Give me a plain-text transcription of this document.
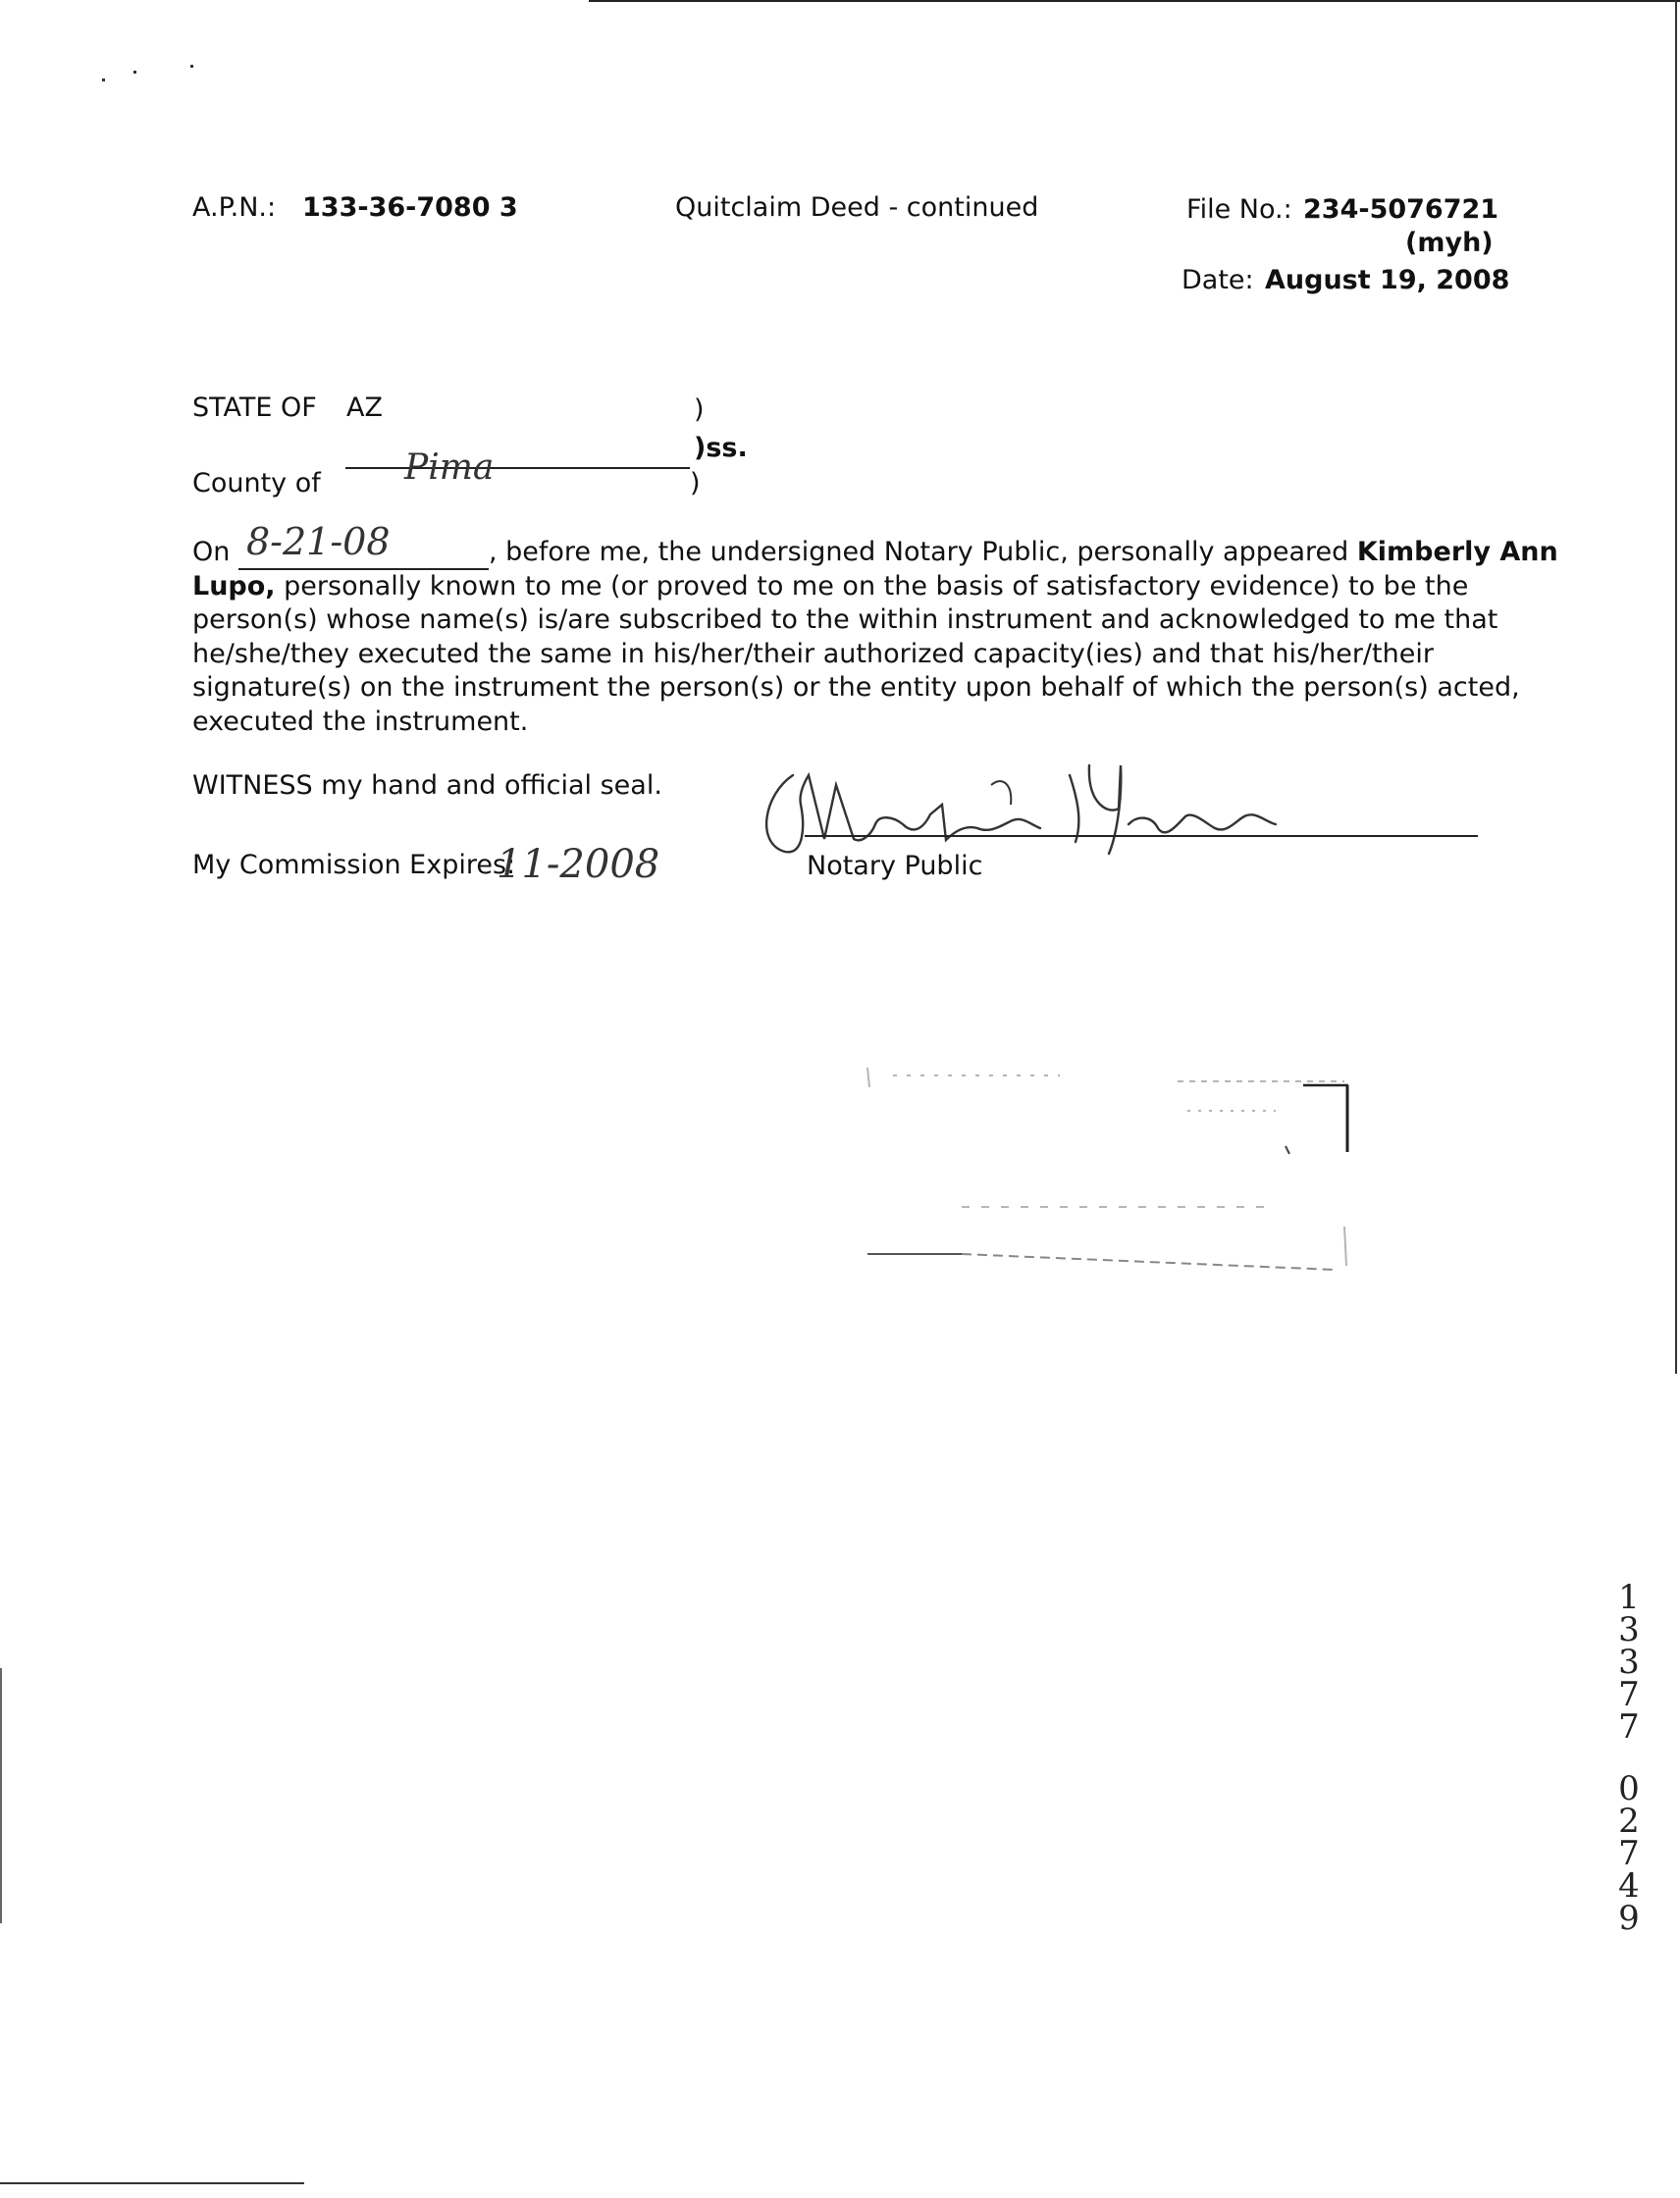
A.P.N.: 133-36-7080 3	Quitclaim Deed - continued	File No.: 234-5076721
(myh)
Date: August 19, 2008
STATE OF AZ	)
)ss.
County of Pima	)

On 8-21-08	, before me, the undersigned Notary Public, personally appeared Kimberly Ann

Lupo, personally known to me (or proved to me on the basis of satisfactory evidence) to be the

person(s) whose name(s) is/are subscribed to the within instrument and acknowledged to me that

he/she/they executed the same in his/her/their authorized capacity(ies) and that his/her/their

signature(s) on the instrument the person(s) or the entity upon behalf of which the person(s) acted,

executed the instrument.

WITNESS my hand and official seal.
My Commission Expires:
11-2008	Notary Public
1
3
3
7
7
0
2
7
4
9
